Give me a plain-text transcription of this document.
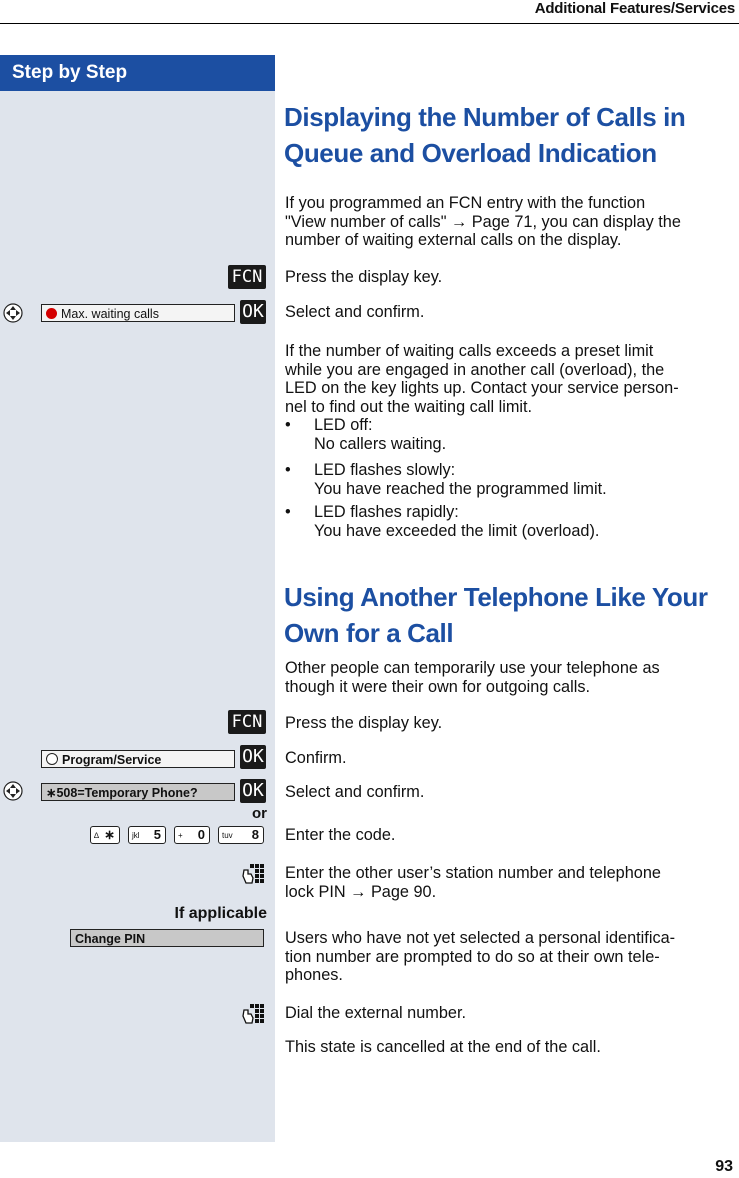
Additional Features/Services
Step by Step
Displaying the Number of Calls in
Queue and Overload Indication
If you programmed an FCN entry with the function
"View number of calls" → Page 71, you can display the
number of waiting external calls on the display.
FCN Press the display key.
Max. waiting calls	OK Select and confirm.
If the number of waiting calls exceeds a preset limit
while you are engaged in another call (overload), the
LED on the key lights up. Contact your service person-
nel to find out the waiting call limit.
• LED off:
No callers waiting.
• LED flashes slowly:
You have reached the programmed limit.
• LED flashes rapidly:
You have exceeded the limit (overload).
Using Another Telephone Like Your
Own for a Call
Other people can temporarily use your telephone as
though it were their own for outgoing calls.
FCN Press the display key.
Program/Service	OK Confirm.
∗508=Temporary Phone?	OK Select and confirm.
or
∆ ∗	jkl 5	+ 0	tuv 8	Enter the code.
Enter the other user’s station number and telephone
lock PIN → Page 90.
If applicable
Change PIN	Users who have not yet selected a personal identifica-
tion number are prompted to do so at their own tele-
phones.
Dial the external number.
This state is cancelled at the end of the call.
93
